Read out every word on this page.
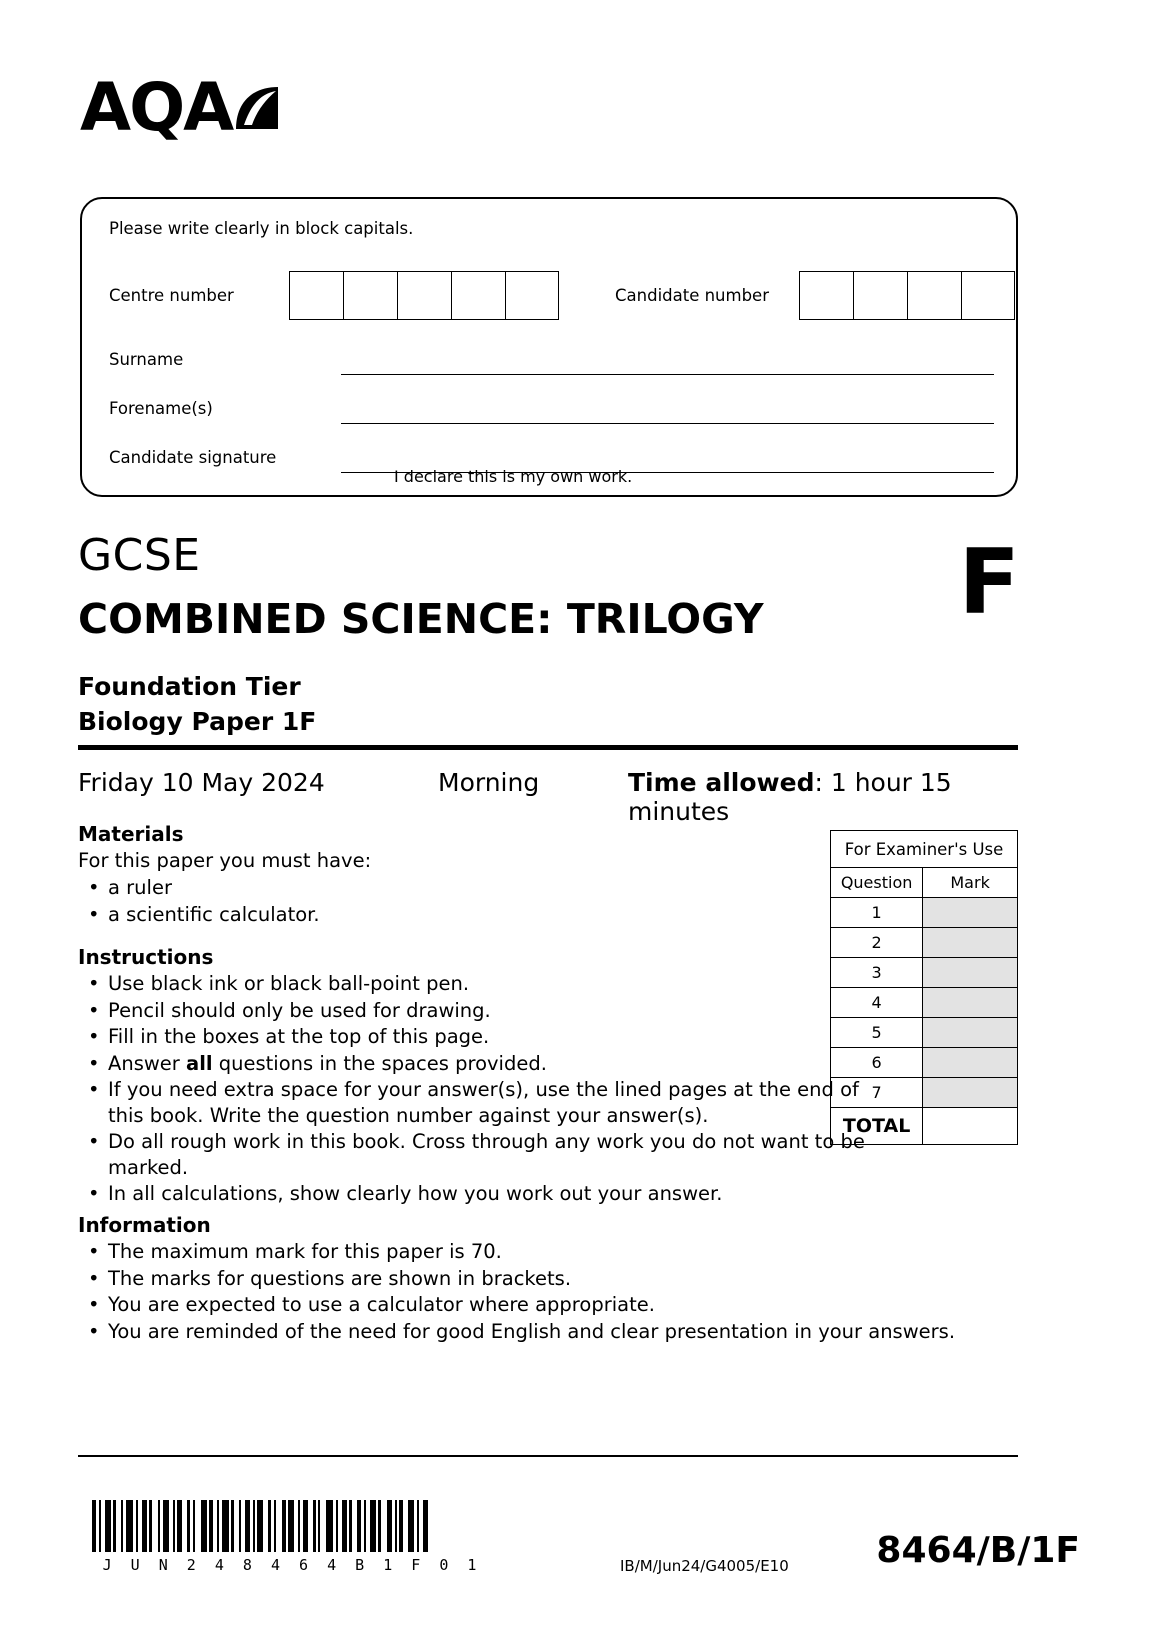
AQA
Please write clearly in block capitals.
Centre number	Candidate number
Surname
Forename(s)
Candidate signature
I declare this is my own work.
GCSE
COMBINED SCIENCE: TRILOGY F
Foundation Tier
Biology Paper 1F
Friday 10 May 2024	Morning	Time allowed: 1 hour 15 minutes
Materials
For this paper you must have:
• a ruler
• a scientific calculator.
Instructions
• Use black ink or black ball-point pen.
• Pencil should only be used for drawing.
• Fill in the boxes at the top of this page.
• Answer all questions in the spaces provided.
• If you need extra space for your answer(s), use the lined pages at the end of this book. Write the question number against your answer(s).
• Do all rough work in this book. Cross through any work you do not want to be marked.
• In all calculations, show clearly how you work out your answer.
Information
• The maximum mark for this paper is 70.
• The marks for questions are shown in brackets.
• You are expected to use a calculator where appropriate.
• You are reminded of the need for good English and clear presentation in your answers.
For Examiner's Use	
Question	Mark
1	
2	
3	
4	
5	
6	
7	
TOTAL	
J U N 2 4 8 4 6 4 B 1 F 0 1	IB/M/Jun24/G4005/E10 8464/B/1F
